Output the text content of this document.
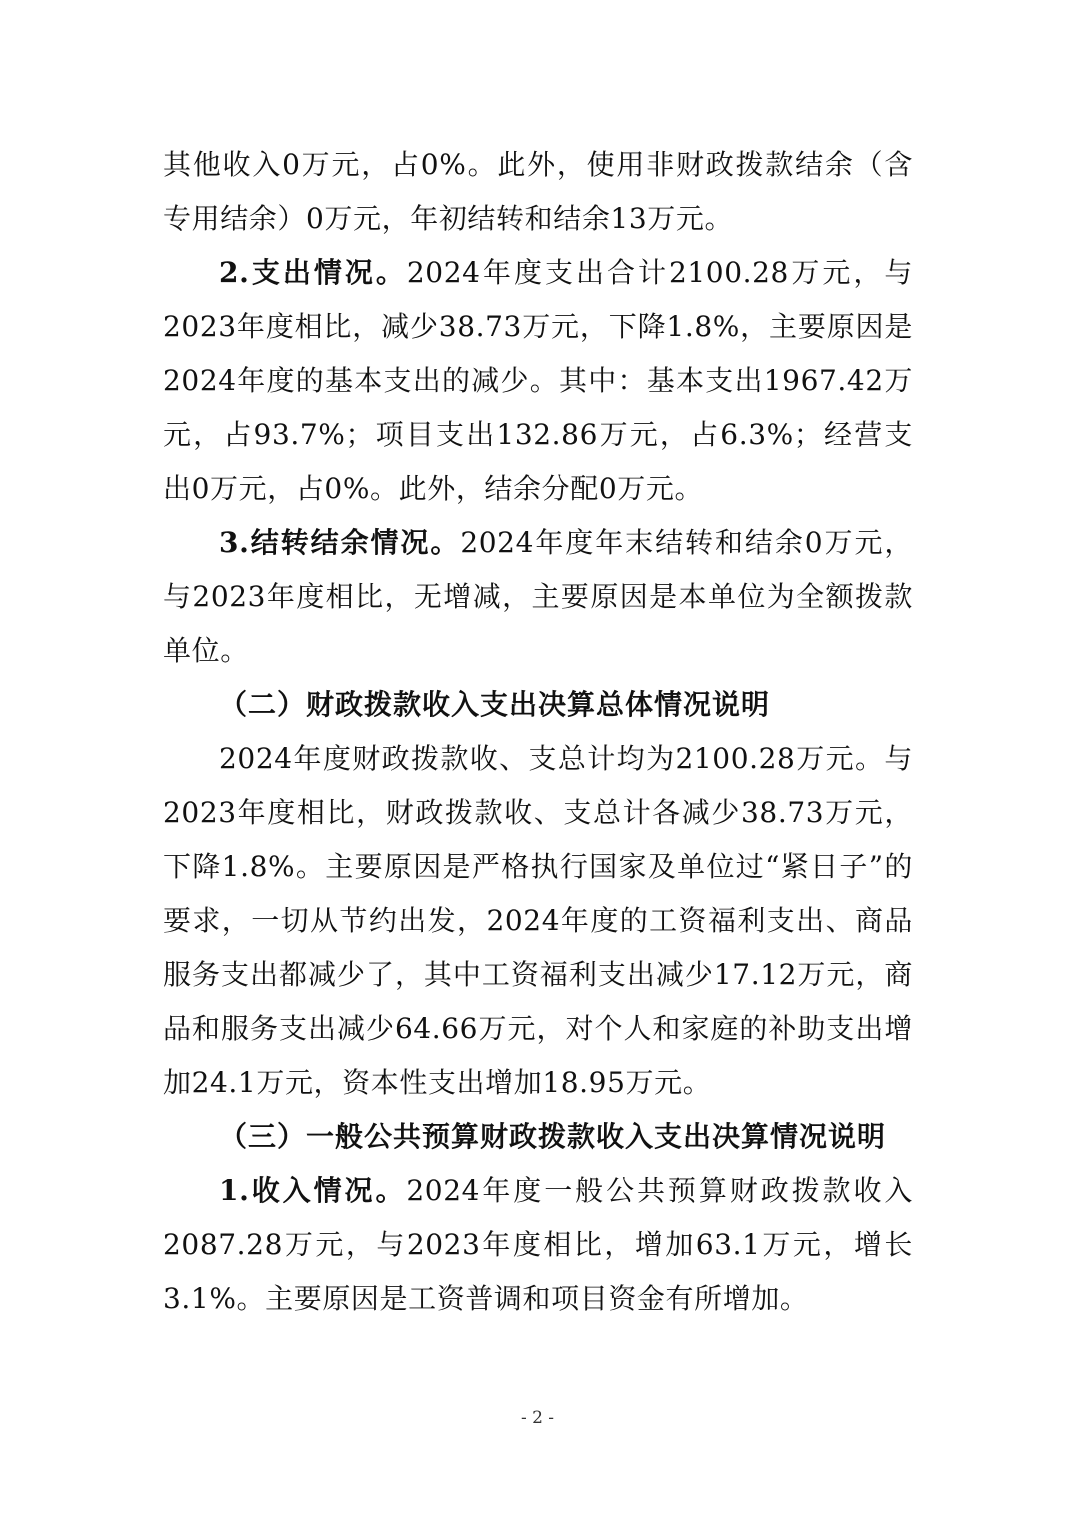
其他收入0万元，占0%。此外，使用非财政拨款结余（含专用结余）0万元，年初结转和结余13万元。

2.支出情况。2024年度支出合计2100.28万元，与2023年度相比，减少38.73万元，下降1.8%，主要原因是2024年度的基本支出的减少。其中：基本支出1967.42万元，占93.7%；项目支出132.86万元，占6.3%；经营支出0万元，占0%。此外，结余分配0万元。

3.结转结余情况。2024年度年末结转和结余0万元，与2023年度相比，无增减，主要原因是本单位为全额拨款单位。

（二）财政拨款收入支出决算总体情况说明

2024年度财政拨款收、支总计均为2100.28万元。与2023年度相比，财政拨款收、支总计各减少38.73万元，下降1.8%。主要原因是严格执行国家及单位过“紧日子”的要求，一切从节约出发，2024年度的工资福利支出、商品服务支出都减少了，其中工资福利支出减少17.12万元，商品和服务支出减少64.66万元，对个人和家庭的补助支出增加24.1万元，资本性支出增加18.95万元。

（三）一般公共预算财政拨款收入支出决算情况说明

1.收入情况。2024年度一般公共预算财政拨款收入2087.28万元，与2023年度相比，增加63.1万元，增长3.1%。主要原因是工资普调和项目资金有所增加。

- 2 -
